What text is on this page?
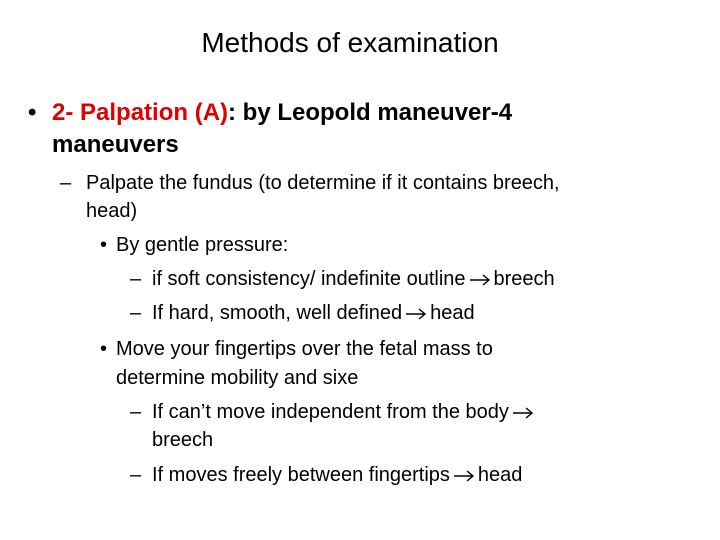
Methods of examination
• 2- Palpation (A): by Leopold maneuver-4
maneuvers
– Palpate the fundus (to determine if it contains breech,
head)
• By gentle pressure:
– if soft consistency/ indefinite outline breech
– If hard, smooth, well defined head
• Move your fingertips over the fetal mass to
determine mobility and sixe
– If can’t move independent from the body
breech
– If moves freely between fingertips head
